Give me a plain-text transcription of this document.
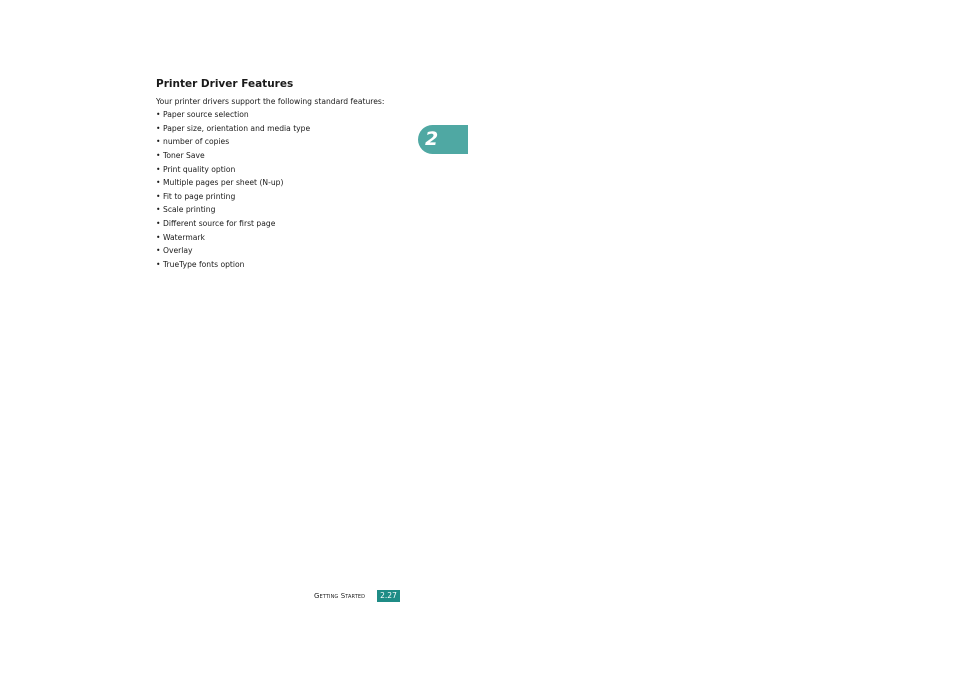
Printer Driver Features

Your printer drivers support the following standard features:

• Paper source selection
• Paper size, orientation and media type
• number of copies
• Toner Save
• Print quality option
• Multiple pages per sheet (N-up)
• Fit to page printing
• Scale printing
• Different source for first page
• Watermark
• Overlay
• TrueType fonts option
2
Getting Started	2.27
